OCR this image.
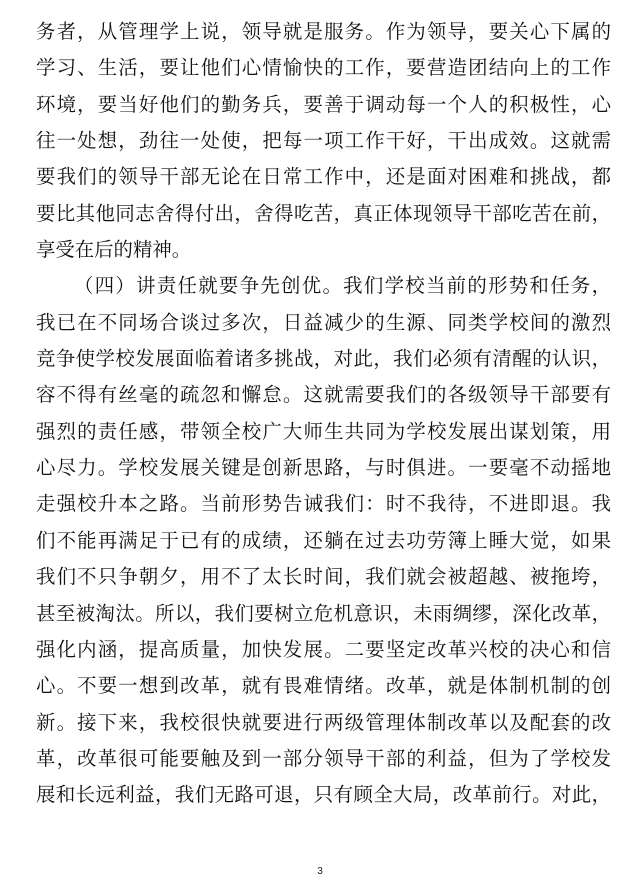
务者，从管理学上说，领导就是服务。作为领导，要关心下属的
学习、生活，要让他们心情愉快的工作，要营造团结向上的工作
环境，要当好他们的勤务兵，要善于调动每一个人的积极性，心
往一处想，劲往一处使，把每一项工作干好，干出成效。这就需
要我们的领导干部无论在日常工作中，还是面对困难和挑战，都
要比其他同志舍得付出，舍得吃苦，真正体现领导干部吃苦在前，
享受在后的精神。
（四）讲责任就要争先创优。我们学校当前的形势和任务，
我已在不同场合谈过多次，日益减少的生源、同类学校间的激烈
竞争使学校发展面临着诸多挑战，对此，我们必须有清醒的认识，
容不得有丝毫的疏忽和懈怠。这就需要我们的各级领导干部要有
强烈的责任感，带领全校广大师生共同为学校发展出谋划策，用
心尽力。学校发展关键是创新思路，与时俱进。一要毫不动摇地
走强校升本之路。当前形势告诫我们：时不我待，不进即退。我
们不能再满足于已有的成绩，还躺在过去功劳簿上睡大觉，如果
我们不只争朝夕，用不了太长时间，我们就会被超越、被拖垮，
甚至被淘汰。所以，我们要树立危机意识，未雨绸缪，深化改革，
强化内涵，提高质量，加快发展。二要坚定改革兴校的决心和信
心。不要一想到改革，就有畏难情绪。改革，就是体制机制的创
新。接下来，我校很快就要进行两级管理体制改革以及配套的改
革，改革很可能要触及到一部分领导干部的利益，但为了学校发
展和长远利益，我们无路可退，只有顾全大局，改革前行。对此，
3
